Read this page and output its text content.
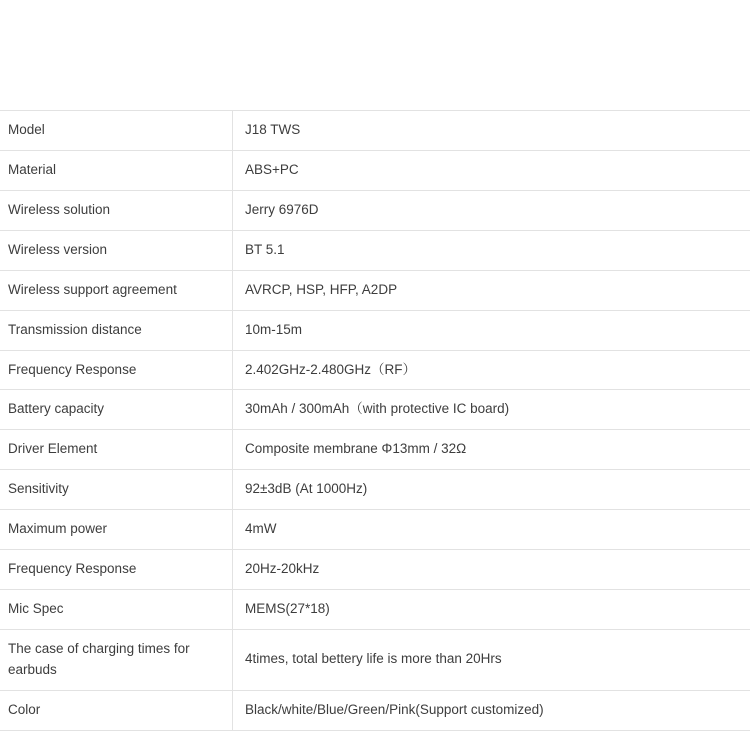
Model	J18 TWS
Material	ABS+PC
Wireless solution	Jerry 6976D
Wireless version	BT 5.1
Wireless support agreement	AVRCP, HSP, HFP, A2DP
Transmission distance	10m-15m
Frequency Response	2.402GHz-2.480GHz（RF）
Battery capacity	30mAh / 300mAh（with protective IC board)
Driver Element	Composite membrane Φ13mm / 32Ω
Sensitivity	92±3dB (At 1000Hz)
Maximum power	4mW
Frequency Response	20Hz-20kHz
Mic Spec	MEMS(27*18)
The case of charging times for earbuds	4times, total bettery life is more than 20Hrs
Color	Black/white/Blue/Green/Pink(Support customized)
